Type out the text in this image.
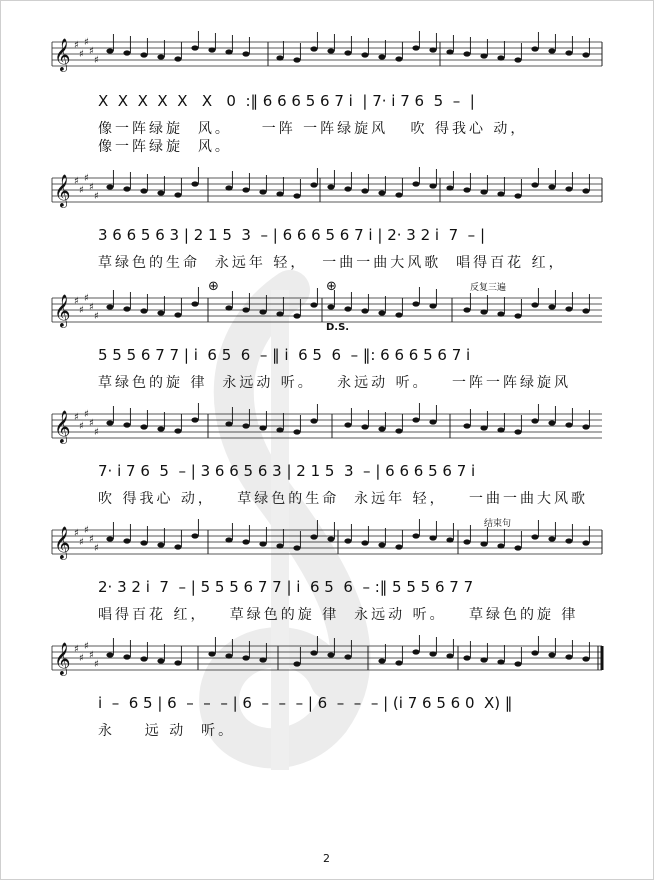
𝄞 ♯
♯
♯
♯
♯
𝄞 ♯
♯
♯
♯
♯
𝄞 ♯
♯
♯
♯
♯
𝄞 ♯
♯
♯
♯
♯
𝄞 ♯
♯
♯
♯
♯
𝄞 ♯
♯
♯
♯
♯
X  X  X  X  X   X   0  :‖ 6 6 6 5 6 7 i  | 7· i 7 6  5  –  |
像一阵绿旋  风。    一阵 一阵绿旋风   吹 得我心 动，
像一阵绿旋  风。
3 6 6 5 6 3 | 2 1 5  3  – | 6 6 6 5 6 7 i | 2· 3 2 i  7  – |
草绿色的生命  永远年 轻，  一曲一曲大风歌  唱得百花 红，
5 5 5 6 7 7 | i  6 5  6  – ‖ i  6 5  6  – ‖: 6 6 6 5 6 7 i
草绿色的旋 律  永远动 听。   永远动 听。   一阵一阵绿旋风
7· i 7 6  5  – | 3 6 6 5 6 3 | 2 1 5  3  – | 6 6 6 5 6 7 i
吹 得我心 动，   草绿色的生命  永远年 轻，   一曲一曲大风歌
2· 3 2 i  7  – | 5 5 5 6 7 7 | i  6 5  6  – :‖ 5 5 5 6 7 7
唱得百花 红，   草绿色的旋 律  永远动 听。   草绿色的旋 律
i  –  6 5 | 6  –  –  – | 6  –  –  – | 6  –  –  – | (i 7 6 5 6 0  X) ‖
永    远 动  听。
反复三遍
结束句
D.S.
⊕	⊕
2
